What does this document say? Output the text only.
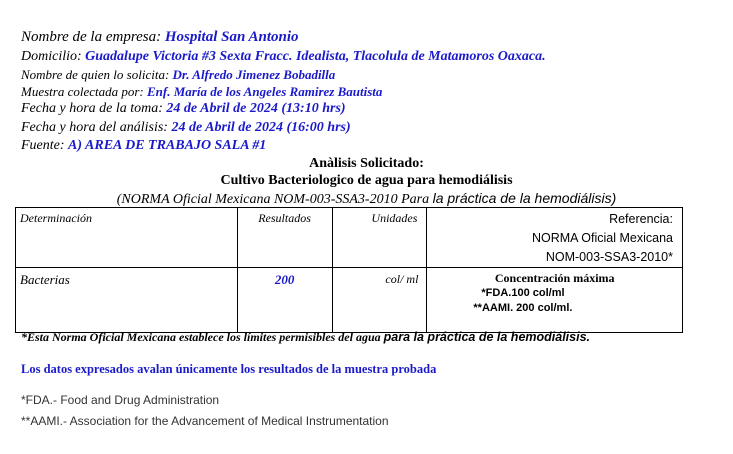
Nombre de la empresa: Hospital San Antonio
Domicilio: Guadalupe Victoria #3 Sexta Fracc. Idealista, Tlacolula de Matamoros Oaxaca.
Nombre de quien lo solicita: Dr. Alfredo Jimenez Bobadilla
Muestra colectada por: Enf. María de los Angeles Ramirez Bautista
Fecha y hora de la toma: 24 de Abril de 2024 (13:10 hrs)
Fecha y hora del análisis: 24 de Abril de 2024 (16:00 hrs)
Fuente: A) AREA DE TRABAJO SALA #1
Anàlisis Solicitado:
Cultivo Bacteriologico de agua para hemodiálisis
(NORMA Oficial Mexicana NOM-003-SSA3-2010 Para la práctica de la hemodiálisis)
Determinación	Resultados	Unidades	Referencia:
NORMA Oficial Mexicana
NOM-003-SSA3-2010*

Bacterias	200	col/ ml	Concentración máxima
*FDA.100 col/ml
**AAMI. 200 col/ml.
*Esta Norma Oficial Mexicana establece los límites permisibles del agua para la práctica de la hemodiálisis.
Los datos expresados avalan únicamente los resultados de la muestra probada
*FDA.- Food and Drug Administration
**AAMI.- Association for the Advancement of Medical Instrumentation
